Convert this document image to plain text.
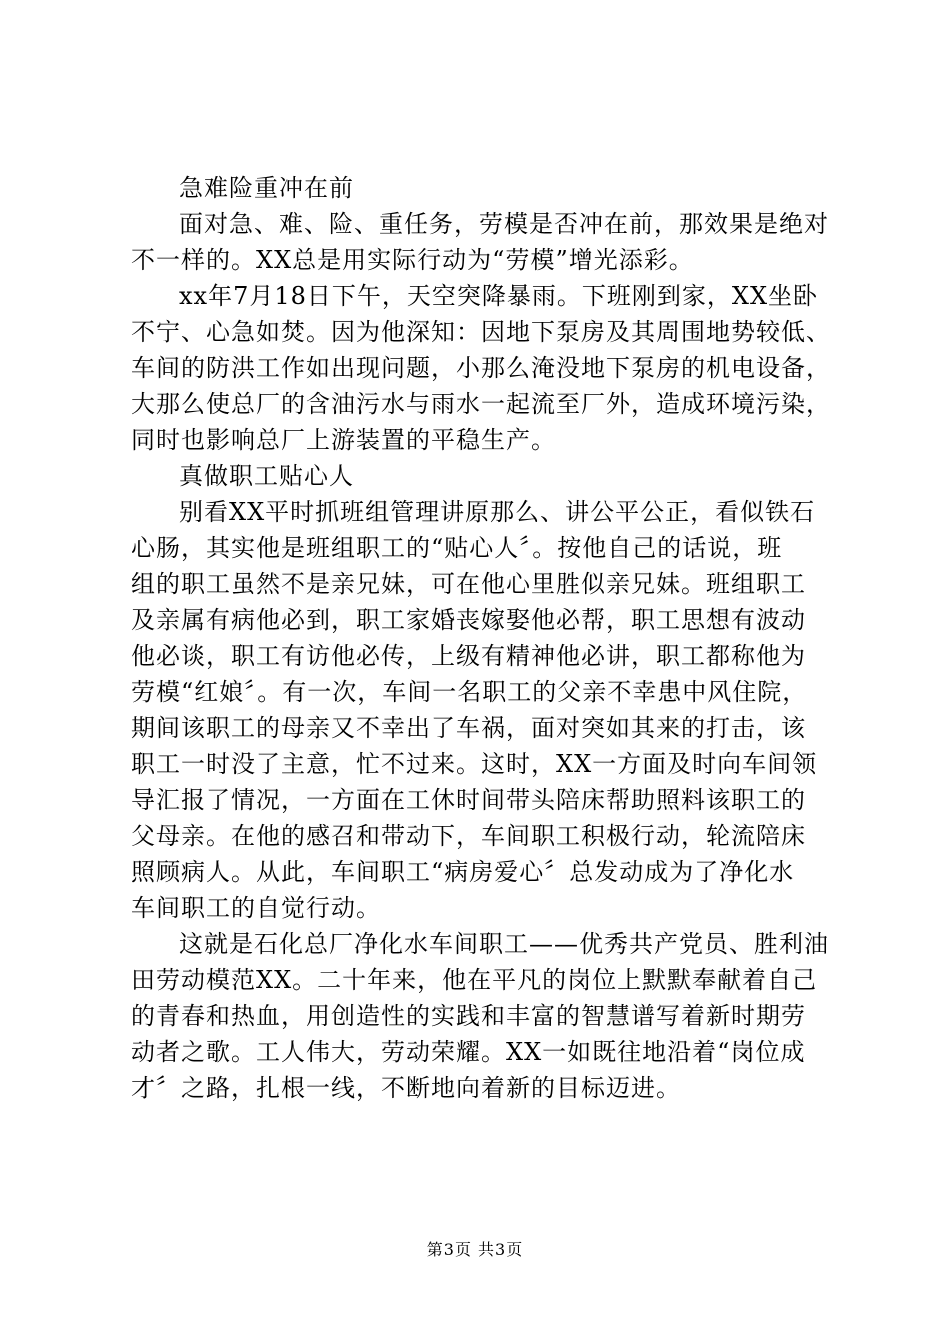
急难险重冲在前
面对急、难、险、重任务，劳模是否冲在前，那效果是绝对
不一样的。XX总是用实际行动为“劳模”增光添彩。
xx年7月18日下午，天空突降暴雨。下班刚到家，XX坐卧
不宁、心急如焚。因为他深知：因地下泵房及其周围地势较低、
车间的防洪工作如出现问题，小那么淹没地下泵房的机电设备，
大那么使总厂的含油污水与雨水一起流至厂外，造成环境污染，
同时也影响总厂上游装置的平稳生产。
真做职工贴心人
别看XX平时抓班组管理讲原那么、讲公平公正，看似铁石
心肠，其实他是班组职工的“贴心人〞。按他自己的话说，班
组的职工虽然不是亲兄妹，可在他心里胜似亲兄妹。班组职工
及亲属有病他必到，职工家婚丧嫁娶他必帮，职工思想有波动
他必谈，职工有访他必传，上级有精神他必讲，职工都称他为
劳模“红娘〞。有一次，车间一名职工的父亲不幸患中风住院，
期间该职工的母亲又不幸出了车祸，面对突如其来的打击，该
职工一时没了主意，忙不过来。这时，XX一方面及时向车间领
导汇报了情况，一方面在工休时间带头陪床帮助照料该职工的
父母亲。在他的感召和带动下，车间职工积极行动，轮流陪床
照顾病人。从此，车间职工“病房爱心〞总发动成为了净化水
车间职工的自觉行动。
这就是石化总厂净化水车间职工——优秀共产党员、胜利油
田劳动模范XX。二十年来，他在平凡的岗位上默默奉献着自己
的青春和热血，用创造性的实践和丰富的智慧谱写着新时期劳
动者之歌。工人伟大，劳动荣耀。XX一如既往地沿着“岗位成
才〞之路，扎根一线，不断地向着新的目标迈进。
第3页 共3页
